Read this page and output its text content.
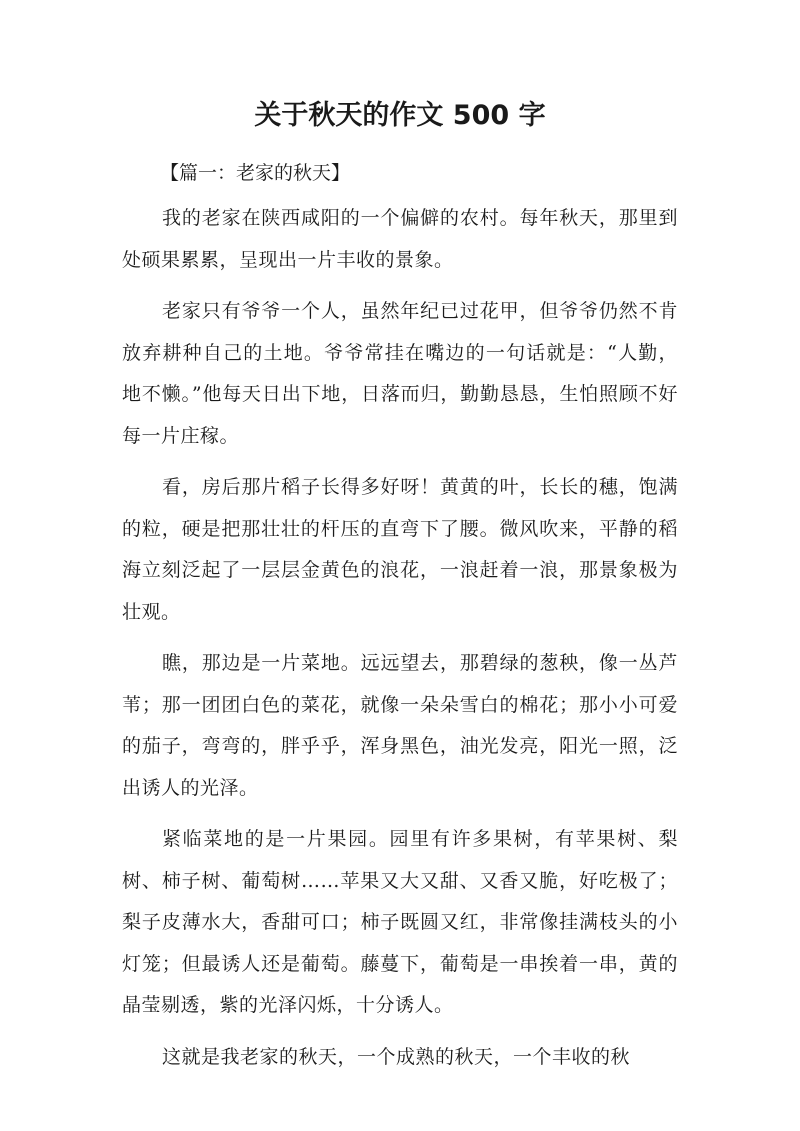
关于秋天的作文 500 字

【篇一：老家的秋天】

我的老家在陕西咸阳的一个偏僻的农村。每年秋天，那里到处硕果累累，呈现出一片丰收的景象。

老家只有爷爷一个人，虽然年纪已过花甲，但爷爷仍然不肯放弃耕种自己的土地。爷爷常挂在嘴边的一句话就是：“人勤，地不懒。”他每天日出下地，日落而归，勤勤恳恳，生怕照顾不好每一片庄稼。

看，房后那片稻子长得多好呀！黄黄的叶，长长的穗，饱满的粒，硬是把那壮壮的杆压的直弯下了腰。微风吹来，平静的稻海立刻泛起了一层层金黄色的浪花，一浪赶着一浪，那景象极为壮观。

瞧，那边是一片菜地。远远望去，那碧绿的葱秧，像一丛芦苇；那一团团白色的菜花，就像一朵朵雪白的棉花；那小小可爱的茄子，弯弯的，胖乎乎，浑身黑色，油光发亮，阳光一照，泛出诱人的光泽。

紧临菜地的是一片果园。园里有许多果树，有苹果树、梨树、柿子树、葡萄树……苹果又大又甜、又香又脆，好吃极了；梨子皮薄水大，香甜可口；柿子既圆又红，非常像挂满枝头的小灯笼；但最诱人还是葡萄。藤蔓下，葡萄是一串挨着一串，黄的晶莹剔透，紫的光泽闪烁，十分诱人。

这就是我老家的秋天，一个成熟的秋天，一个丰收的秋
